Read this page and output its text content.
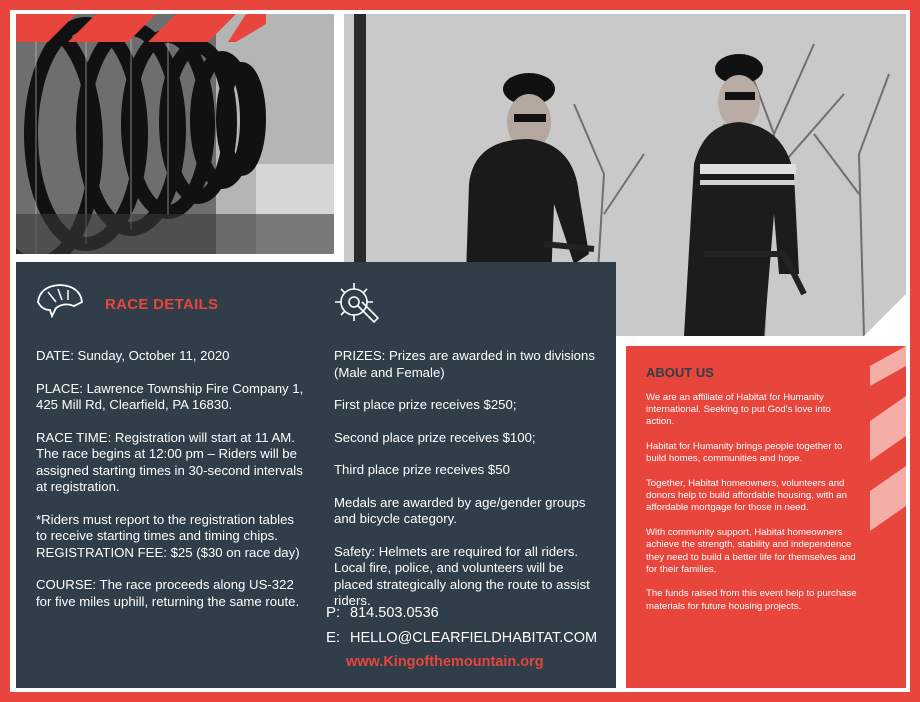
RACE DETAILS

DATE: Sunday, October 11, 2020

PLACE: Lawrence Township Fire Company 1, 425 Mill Rd, Clearfield, PA 16830.

RACE TIME: Registration will start at 11 AM. The race begins at 12:00 pm – Riders will be assigned starting times in 30-second intervals at registration.

*Riders must report to the registration tables to receive starting times and timing chips.

REGISTRATION FEE: $25 ($30 on race day)

COURSE: The race proceeds along US-322 for five miles uphill, returning the same route.

PRIZES: Prizes are awarded in two divisions (Male and Female)

First place prize receives $250;

Second place prize receives $100;

Third place prize receives $50

Medals are awarded by age/gender groups and bicycle category.

Safety: Helmets are required for all riders. Local fire, police, and volunteers will be placed strategically along the route to assist riders.

P: 814.503.0536
E: HELLO@CLEARFIELDHABITAT.COM
www.Kingofthemountain.org
ABOUT US

We are an affiliate of Habitat for Humanity international. Seeking to put God's love into action.

Habitat for Humanity brings people together to build homes, communities and hope.

Together, Habitat homeowners, volunteers and donors help to build affordable housing, with an affordable mortgage for those in need.

With community support, Habitat homeowners achieve the strength, stability and independence they need to build a better life for themselves and for their families.

The funds raised from this event help to purchase materials for future housing projects.
